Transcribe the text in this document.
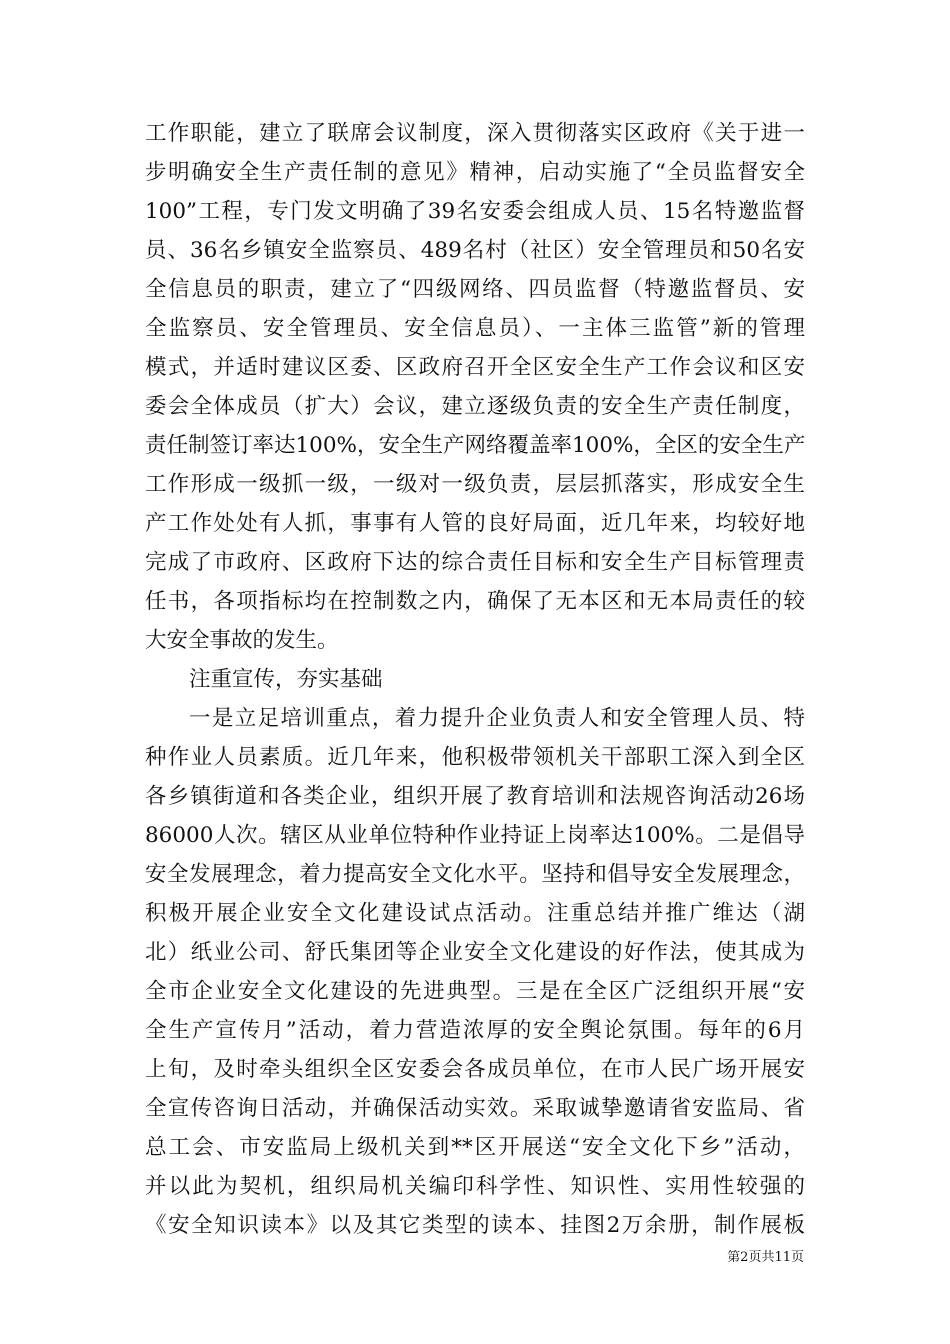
工作职能，建立了联席会议制度，深入贯彻落实区政府《关于进一
步明确安全生产责任制的意见》精神，启动实施了“全员监督安全
100”工程，专门发文明确了39名安委会组成人员、15名特邀监督
员、36名乡镇安全监察员、489名村（社区）安全管理员和50名安
全信息员的职责，建立了“四级网络、四员监督（特邀监督员、安
全监察员、安全管理员、安全信息员）、一主体三监管”新的管理
模式，并适时建议区委、区政府召开全区安全生产工作会议和区安
委会全体成员（扩大）会议，建立逐级负责的安全生产责任制度，
责任制签订率达100%，安全生产网络覆盖率100%，全区的安全生产
工作形成一级抓一级，一级对一级负责，层层抓落实，形成安全生
产工作处处有人抓，事事有人管的良好局面，近几年来，均较好地
完成了市政府、区政府下达的综合责任目标和安全生产目标管理责
任书，各项指标均在控制数之内，确保了无本区和无本局责任的较
大安全事故的发生。
注重宣传，夯实基础
一是立足培训重点，着力提升企业负责人和安全管理人员、特
种作业人员素质。近几年来，他积极带领机关干部职工深入到全区
各乡镇街道和各类企业，组织开展了教育培训和法规咨询活动26场
86000人次。辖区从业单位特种作业持证上岗率达100%。二是倡导
安全发展理念，着力提高安全文化水平。坚持和倡导安全发展理念，
积极开展企业安全文化建设试点活动。注重总结并推广维达（湖
北）纸业公司、舒氏集团等企业安全文化建设的好作法，使其成为
全市企业安全文化建设的先进典型。三是在全区广泛组织开展“安
全生产宣传月”活动，着力营造浓厚的安全舆论氛围。每年的6月
上旬，及时牵头组织全区安委会各成员单位，在市人民广场开展安
全宣传咨询日活动，并确保活动实效。采取诚挚邀请省安监局、省
总工会、市安监局上级机关到**区开展送“安全文化下乡”活动，
并以此为契机，组织局机关编印科学性、知识性、实用性较强的
《安全知识读本》以及其它类型的读本、挂图2万余册，制作展板
第2页共11页
